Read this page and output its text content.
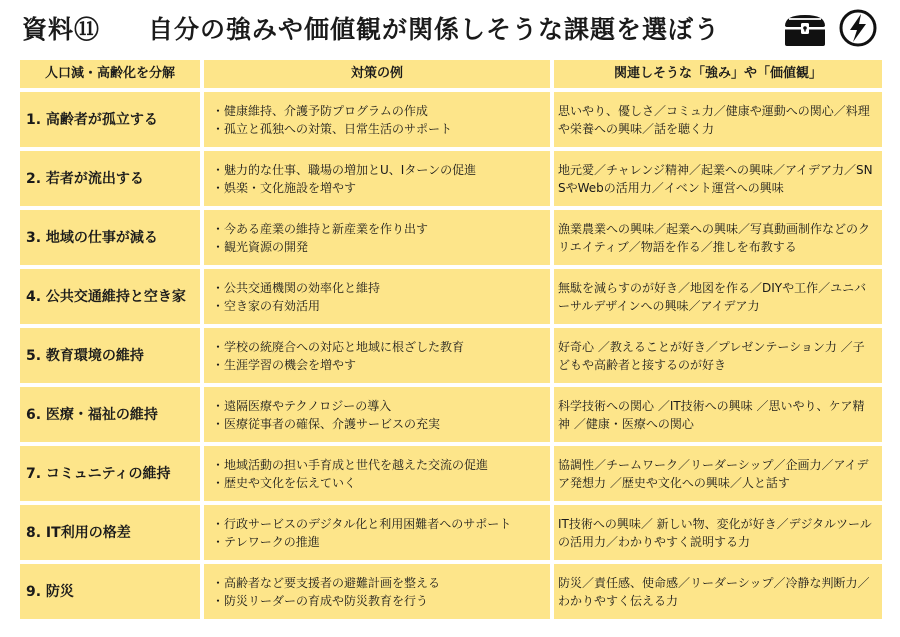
資料⑪ 自分の強みや価値観が関係しそうな課題を選ぼう
人口減・高齢化を分解	対策の例	関連しそうな「強み」や「価値観」
1. 高齢者が孤立する
・健康維持、介護予防プログラムの作成
・孤立と孤独への対策、日常生活のサポート
思いやり、優しさ／コミュ力／健康や運動への関心／料理や栄養への興味／話を聴く力
2. 若者が流出する
・魅力的な仕事、職場の増加とU、Iターンの促進
・娯楽・文化施設を増やす
地元愛／チャレンジ精神／起業への興味／アイデア力／SNSやWebの活用力／イベント運営への興味
3. 地域の仕事が減る
・今ある産業の維持と新産業を作り出す
・観光資源の開発
漁業農業への興味／起業への興味／写真動画制作などのクリエイティブ／物語を作る／推しを布教する
4. 公共交通維持と空き家
・公共交通機関の効率化と維持
・空き家の有効活用
無駄を減らすのが好き／地図を作る／DIYや工作／ユニバーサルデザインへの興味／アイデア力
5. 教育環境の維持
・学校の統廃合への対応と地域に根ざした教育
・生涯学習の機会を増やす
好奇心 ／教えることが好き／プレゼンテーション力 ／子どもや高齢者と接するのが好き
6. 医療・福祉の維持
・遠隔医療やテクノロジーの導入
・医療従事者の確保、介護サービスの充実
科学技術への関心 ／IT技術への興味 ／思いやり、ケア精神 ／健康・医療への関心
7. コミュニティの維持
・地域活動の担い手育成と世代を越えた交流の促進
・歴史や文化を伝えていく
協調性／チームワーク／リーダーシップ／企画力／アイデア発想力 ／歴史や文化への興味／人と話す
8. IT利用の格差
・行政サービスのデジタル化と利用困難者へのサポート
・テレワークの推進
IT技術への興味／ 新しい物、変化が好き／デジタルツールの活用力／わかりやすく説明する力
9. 防災
・高齢者など要支援者の避難計画を整える
・防災リーダーの育成や防災教育を行う
防災／責任感、使命感／リーダーシップ／冷静な判断力／わかりやすく伝える力
